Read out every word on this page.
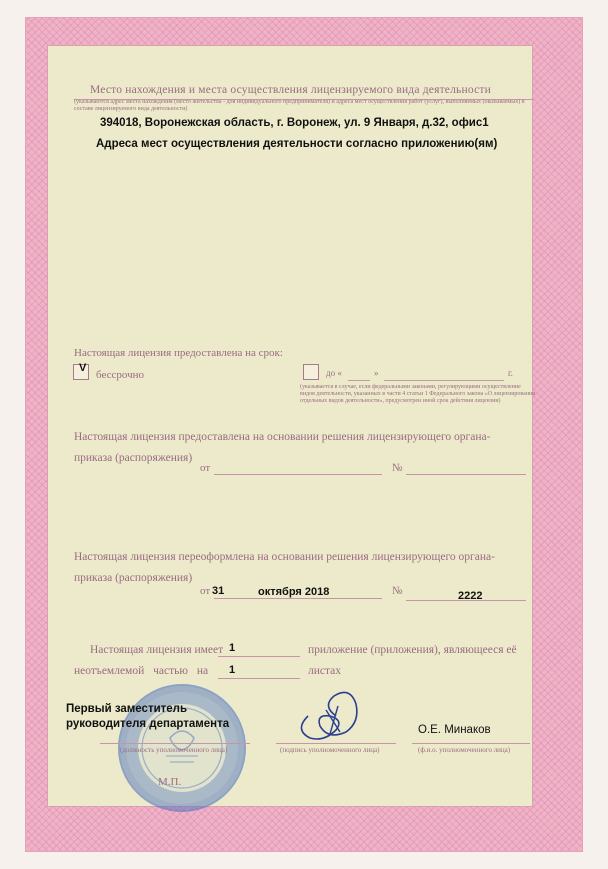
Место нахождения и места осуществления лицензируемого вида деятельности
(указываются адрес места нахождения (место жительства - для индивидуального предпринимателя) и адреса мест осуществления работ (услуг), выполняемых (оказываемых) в составе лицензируемого вида деятельности)
394018, Воронежская область, г. Воронеж, ул. 9 Января, д.32, офис1
Адреса мест осуществления деятельности согласно приложению(ям)
Настоящая лицензия предоставлена на срок:
V
бессрочно	до «	»	г.
(указывается в случае, если федеральными законами, регулирующими осуществление видов деятельности, указанных в части 4 статьи 1 Федерального закона «О лицензировании отдельных видов деятельности», предусмотрен иной срок действия лицензии)
Настоящая лицензия предоставлена на основании решения лицензирующего органа-
приказа (распоряжения)
от	№
Настоящая лицензия переоформлена на основании решения лицензирующего органа-
приказа (распоряжения)
от 31	октября 2018	№	2222
Настоящая лицензия имеет 1	приложение (приложения), являющееся её
неотъемлемой частью на 1	листах
Первый заместитель руководителя департамента
(должность уполномоченного лица)	(подпись уполномоченного лица)
О.Е. Минаков
(ф.и.о. уполномоченного лица)
М.П.
